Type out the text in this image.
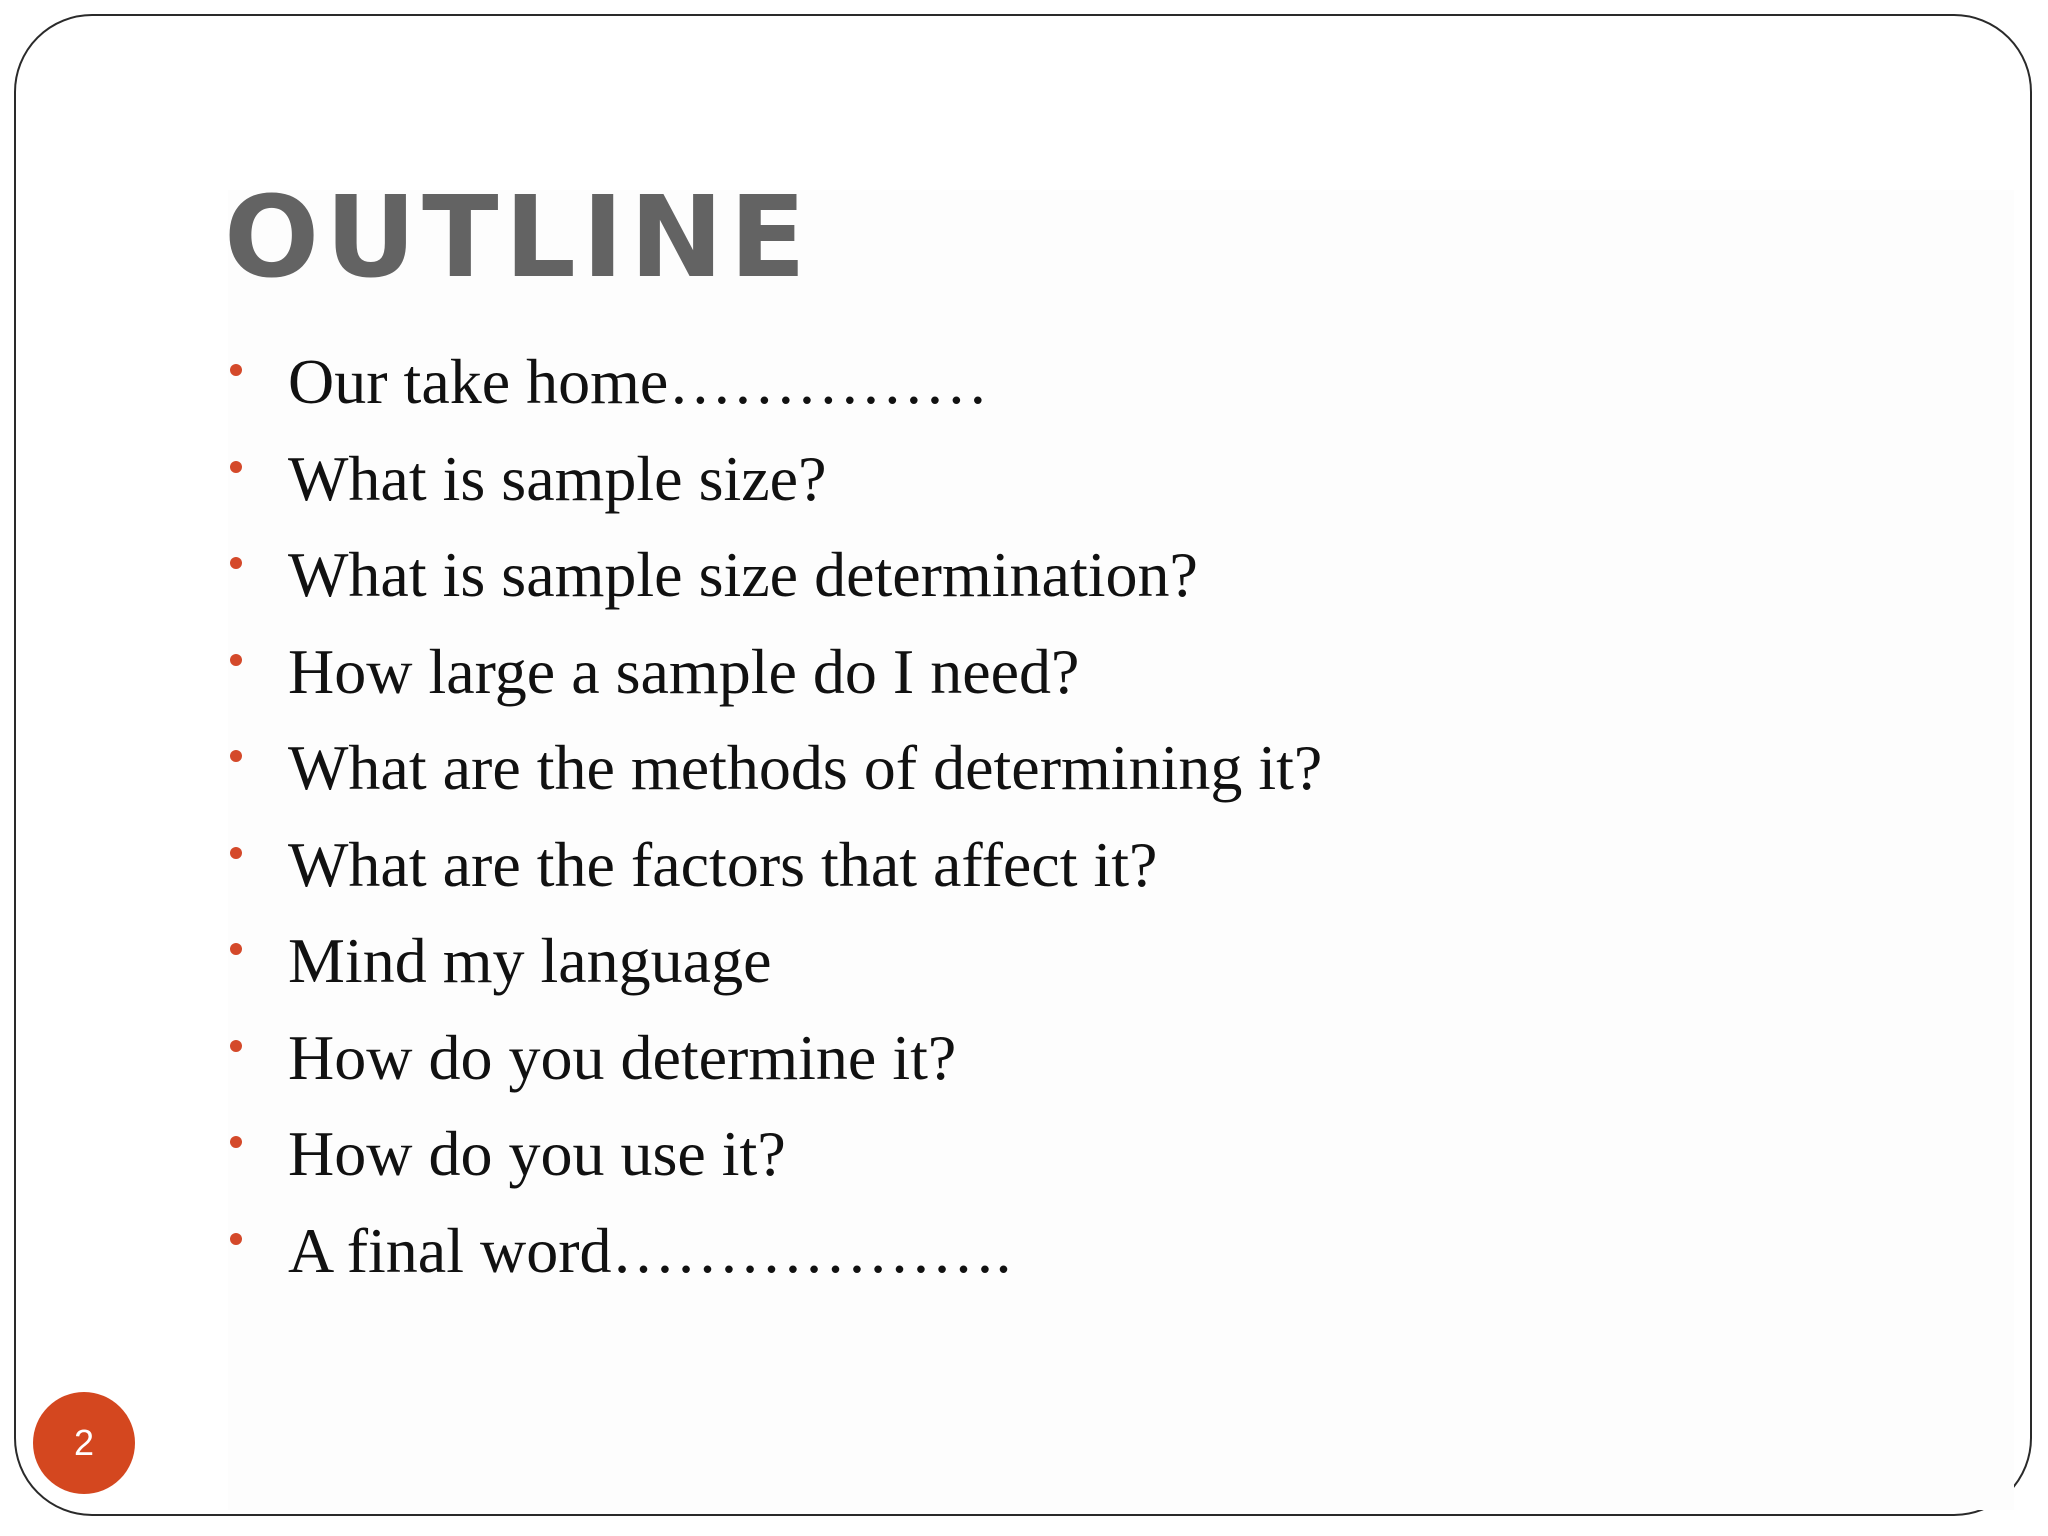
OUTLINE
Our take home……………
What is sample size?
What is sample size determination?
How large a sample do I need?
What are the methods of determining it?
What are the factors that affect it?
Mind my language
How do you determine it?
How do you use it?
A final word……………….
2
